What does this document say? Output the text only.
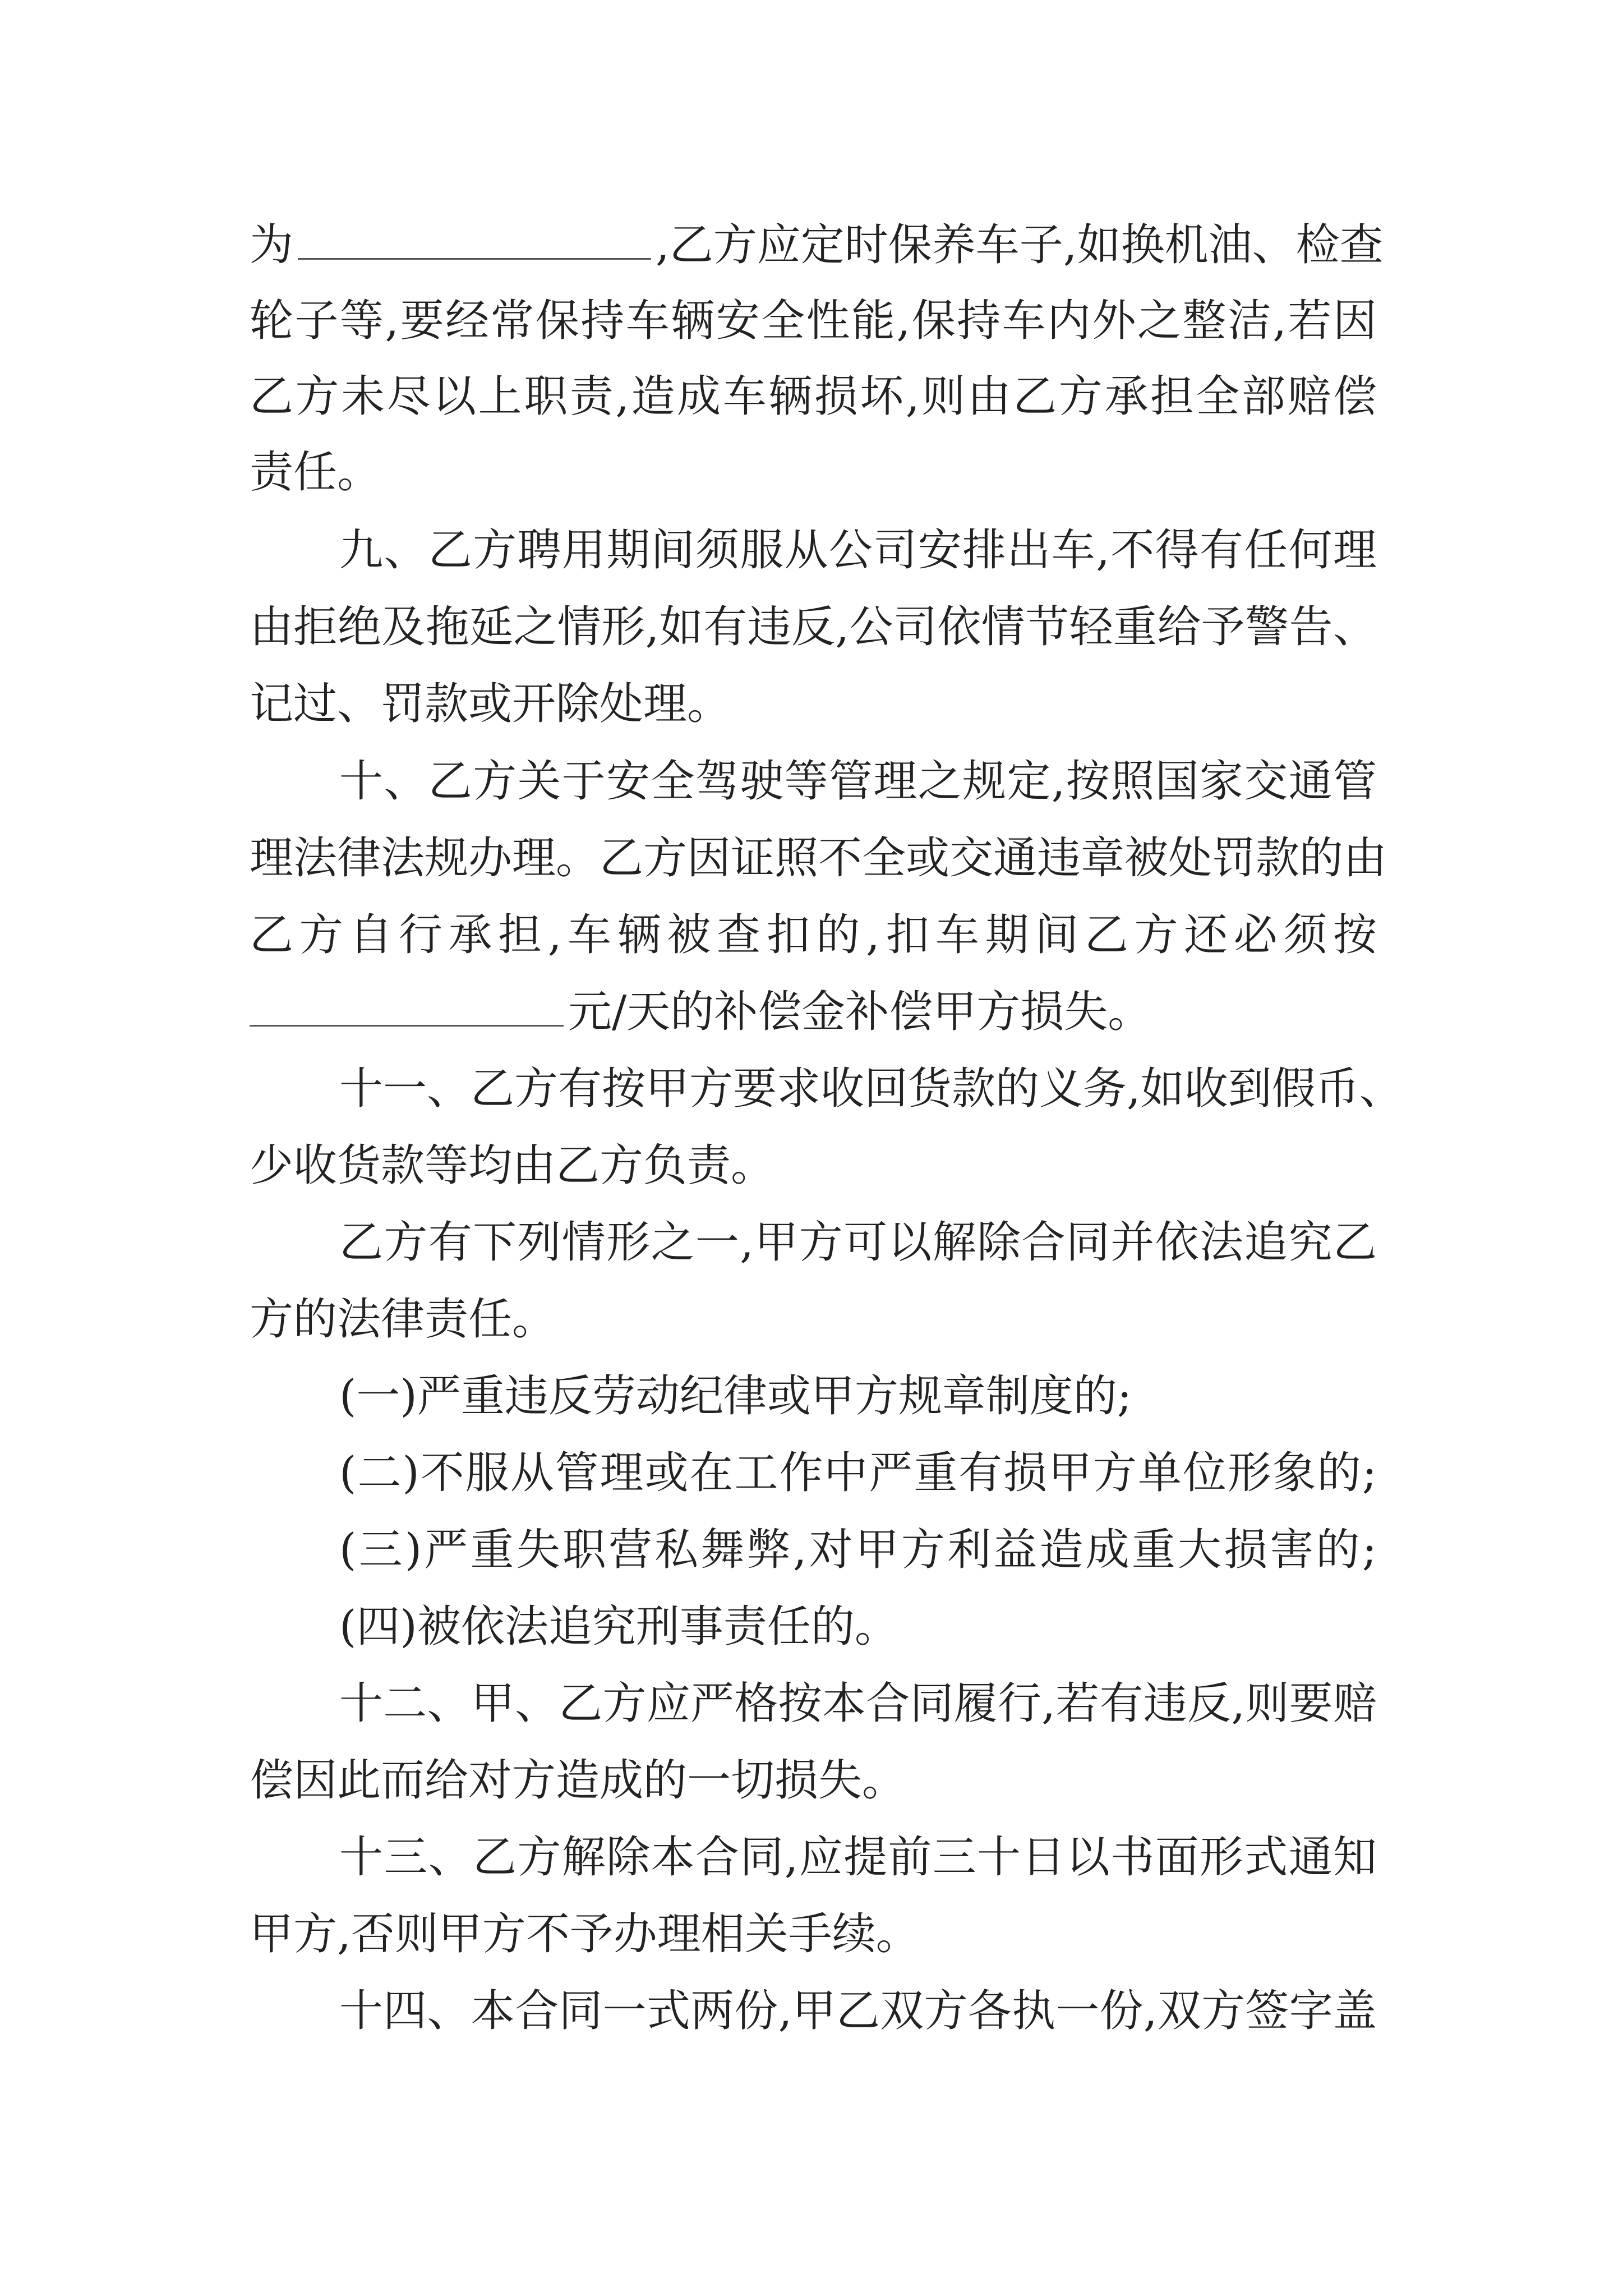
为	,乙方应定时保养车子,如换机油、检查
轮子等,要经常保持车辆安全性能,保持车内外之整洁,若因
乙方未尽以上职责,造成车辆损坏,则由乙方承担全部赔偿
责任。
九、乙方聘用期间须服从公司安排出车,不得有任何理
由拒绝及拖延之情形,如有违反,公司依情节轻重给予警告、
记过、罚款或开除处理。
十、乙方关于安全驾驶等管理之规定,按照国家交通管
理法律法规办理。乙方因证照不全或交通违章被处罚款的由
乙方自行承担,车辆被查扣的,扣车期间乙方还必须按
元/天的补偿金补偿甲方损失。
十一、乙方有按甲方要求收回货款的义务,如收到假币、
少收货款等均由乙方负责。
乙方有下列情形之一,甲方可以解除合同并依法追究乙
方的法律责任。
(一)严重违反劳动纪律或甲方规章制度的;
(二)不服从管理或在工作中严重有损甲方单位形象的;
(三)严重失职营私舞弊,对甲方利益造成重大损害的;
(四)被依法追究刑事责任的。
十二、甲、乙方应严格按本合同履行,若有违反,则要赔
偿因此而给对方造成的一切损失。
十三、乙方解除本合同,应提前三十日以书面形式通知
甲方,否则甲方不予办理相关手续。
十四、本合同一式两份,甲乙双方各执一份,双方签字盖
